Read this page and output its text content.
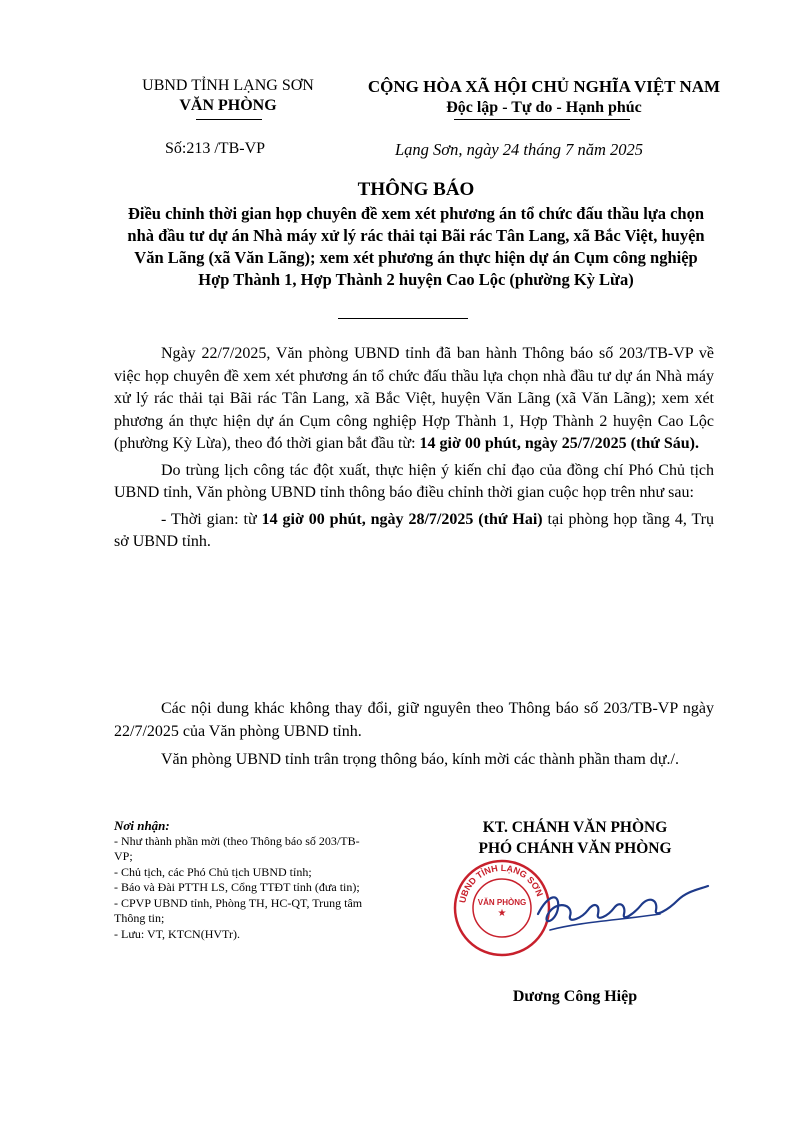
UBND TỈNH LẠNG SƠN
VĂN PHÒNG
CỘNG HÒA XÃ HỘI CHỦ NGHĨA VIỆT NAM
Độc lập - Tự do - Hạnh phúc
Số:213 /TB-VP	Lạng Sơn, ngày 24 tháng 7 năm 2025
THÔNG BÁO
Điều chỉnh thời gian họp chuyên đề xem xét phương án tổ chức đấu thầu lựa chọn nhà đầu tư dự án Nhà máy xử lý rác thải tại Bãi rác Tân Lang, xã Bắc Việt, huyện Văn Lãng (xã Văn Lãng); xem xét phương án thực hiện dự án Cụm công nghiệp Hợp Thành 1, Hợp Thành 2 huyện Cao Lộc (phường Kỳ Lừa)

Ngày 22/7/2025, Văn phòng UBND tỉnh đã ban hành Thông báo số 203/TB-VP về việc họp chuyên đề xem xét phương án tổ chức đấu thầu lựa chọn nhà đầu tư dự án Nhà máy xử lý rác thải tại Bãi rác Tân Lang, xã Bắc Việt, huyện Văn Lãng (xã Văn Lãng); xem xét phương án thực hiện dự án Cụm công nghiệp Hợp Thành 1, Hợp Thành 2 huyện Cao Lộc (phường Kỳ Lừa), theo đó thời gian bắt đầu từ: 14 giờ 00 phút, ngày 25/7/2025 (thứ Sáu).

Do trùng lịch công tác đột xuất, thực hiện ý kiến chỉ đạo của đồng chí Phó Chủ tịch UBND tỉnh, Văn phòng UBND tỉnh thông báo điều chỉnh thời gian cuộc họp trên như sau:

- Thời gian: từ 14 giờ 00 phút, ngày 28/7/2025 (thứ Hai) tại phòng họp tầng 4, Trụ sở UBND tỉnh.

Các nội dung khác không thay đổi, giữ nguyên theo Thông báo số 203/TB-VP ngày 22/7/2025 của Văn phòng UBND tỉnh.

Văn phòng UBND tỉnh trân trọng thông báo, kính mời các thành phần tham dự./.

Nơi nhận:
- Như thành phần mời (theo Thông báo số 203/TB-VP;
- Chủ tịch, các Phó Chủ tịch UBND tỉnh;
- Báo và Đài PTTH LS, Cổng TTĐT tỉnh (đưa tin);
- CPVP UBND tỉnh, Phòng TH, HC-QT, Trung tâm Thông tin;
- Lưu: VT, KTCN(HVTr).
KT. CHÁNH VĂN PHÒNG
PHÓ CHÁNH VĂN PHÒNG
UBND TỈNH LẠNG SƠN
VĂN PHÒNG
★
Dương Công Hiệp
